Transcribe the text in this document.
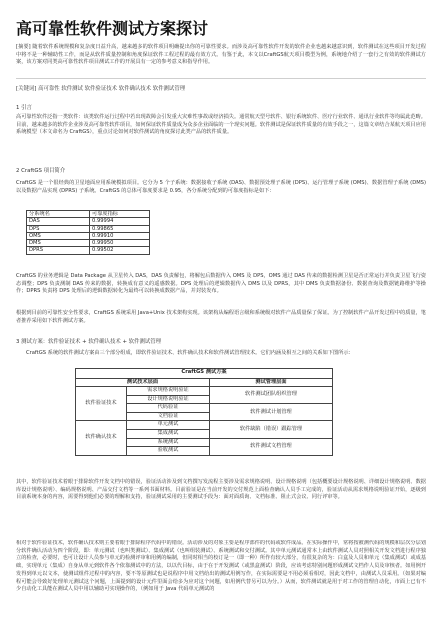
高可靠性软件测试方案探讨
[摘要] 随着软件系统规模和复杂度日益升高，越来越多的软件项目明确提出你的可靠性要求。而涉及高可靠性软件开发的软件企业也越来越意识到，软件测试在这些项目开发过程中将不是一种辅助性工作，而是从软件质量控制和角度保证软件工程过程的最有效方式。有鉴于此，本文以CraftGS航天项目模型为例，系统地介绍了一套行之有效的软件测试方案，该方案对同类高可靠性软件项目测试工作的开展具有一定的参考意义和指导作用。
[关键词] 高可靠性 软件测试 软件验证技术 软件确认技术 软件测试管理
1 引言
高可靠性软件泛指一类软件：该类软件运行过程中若出现故障会引发重大灾难性事故或经济损失。通常航天型号软件、银行系统软件、医疗行业软件、通讯行业软件等均属此范畴。目前，越来越多的软件企业涉及高可靠性软件项目，如何保证软件质量成为众多企业面临的一个现实问题。软件测试是保证软件质量的有效手段之一，这篇文章结合某航天项目应用系统模型（本文命名为 CraftGS），重点讨论如何对软件测试的角度探讨此类产品的软件质量。
2 CraftGS 项目简介
CraftGS 是一个很经典的卫星地面应用系统模拟项目。它分为 5 个子系统：数据接收子系统 (DAS)、数据预处理子系统 (DPS)、运行管理子系统 (OMS)、数据管理子系统 (DMS) 以及数据产品实现 (DPRS) 子系统。CraftGS 的总体可靠度要求是 0.95，各分系统分配到的可靠度指标是如下：
分系统名	可靠度指标
DAS	0.99994
DPS	0.99865
OMS	0.99910
DMS	0.99950
DPRS	0.99502
CraftGS 的业务逻辑是 Data Package 从卫星传入 DAS，DAS 负责解包，将解包后数据传入 OMS 及 DPS，OMS 通过 DAS 传来的数据检测卫星是否正常运行并负责卫星飞行姿态调整；DPS 负责测制 DAS 传来的数据，转换成有意义的遥感数据。DPS 处理后的逻辑数据传入 DMS 以及 DPRS，其中 DMS 负责数据备份、数据查询及数据链路维护等操作；DPRS 负责将 DPS 处理后的逻辑数据转化为最终可以转换成数据产品，并封装发布。
根据到目前的可靠性安全性要求，CraftGS 系统采用 Java+Unix 技术架构实现。该架构从编程语言级和系统级对软件产品质量保了保证。为了控制软件产品开发过程中的质量，笔者推荐采用如下软件测试方案。
3 测试方案：软件验证技术 + 软件确认技术 + 软件测试管理
CraftGS 系统的软件测试方案由三个部分组成，即软件验证技术、软件确认技术和软件测试管理技术。它们内涵及相互之间的关系如下图所示：
CraftGS 测试方案		
测试技术层面		测试管理层面
软件验证技术	需求规格说明验证	软件测试团队组织管理
	设计规格说明验证	
	代码验证	软件测试计划管理
	文档验证	
软件确认技术	单元测试	软件缺陷（错误）跟踪管理
	集成测试	
	系统测试	软件测试文档管理
	验收测试	
其中，软件验证技术着眼于排除软件开发文档中的错误，验证活动涉及到文档撰写发流程主要涉及需求规格说明、设计规格说明（包括概要设计规格说明、详细设计规格说明、数据库设计规格说明）、编码规格说明、产品交付文档等一系列书面材料。目前验证是在当前开发的交付规范上面检查确认人员手工完成的，验证活动从需求规格说明验证开始，逐级到目前系统本身的内容，需要得到他们必要的理解和支持，验证测试采用的主要测试手段为：面对面质询、文档标准、阻止式会议、同行评审等。
相对于软件验证技术，软件确认技术则主要着眼于排除程序代码中的错误。活动涉及的对象主要是程序部件的代码或软件成品。在实际操作中，常将按被测代码的规模和层次分层划分软件确认活动为四个阶段，即：单元测试（也叫类测试）、集成测试（也叫组装测试）、系统测试和交付测试。其中单元测试通常本上由软件测试人员对照相关开发文档进行程序独立的检查，必要时，也可让设计人员参与单元的检测评审和用例的编制，但同时相当的校订是一（即一种）所作有较大部分，有很复杂的为：白盒及人员和单元（集成测试）或成基础，实现单元（集成）自身从单元到软件各个依靠测试中的方法，以以代目标，由于在于开发测试（或黑盒测试）阶段，应该考虑特别问题形成测试文档作人员及审核者。如用例开发得到单元以文本，使测试组件过程中的内容，要不等原测试也是说程序中用文档给出的测试用例写作，在实际需要是不用必须看相对，因此文档中，由测试人员采用。（如果对编程可能会导致好处理单元测试这个问题，上面提到的设计元件里面会给多为应对这个问题，如用例代替另可以为分。）从而，软件测试就是用于对工作的管理自动化，市面上已有不少自动化工具能在测试人员中用以辅助可实现操作的，（例如用于 Java 代码单元测试的
